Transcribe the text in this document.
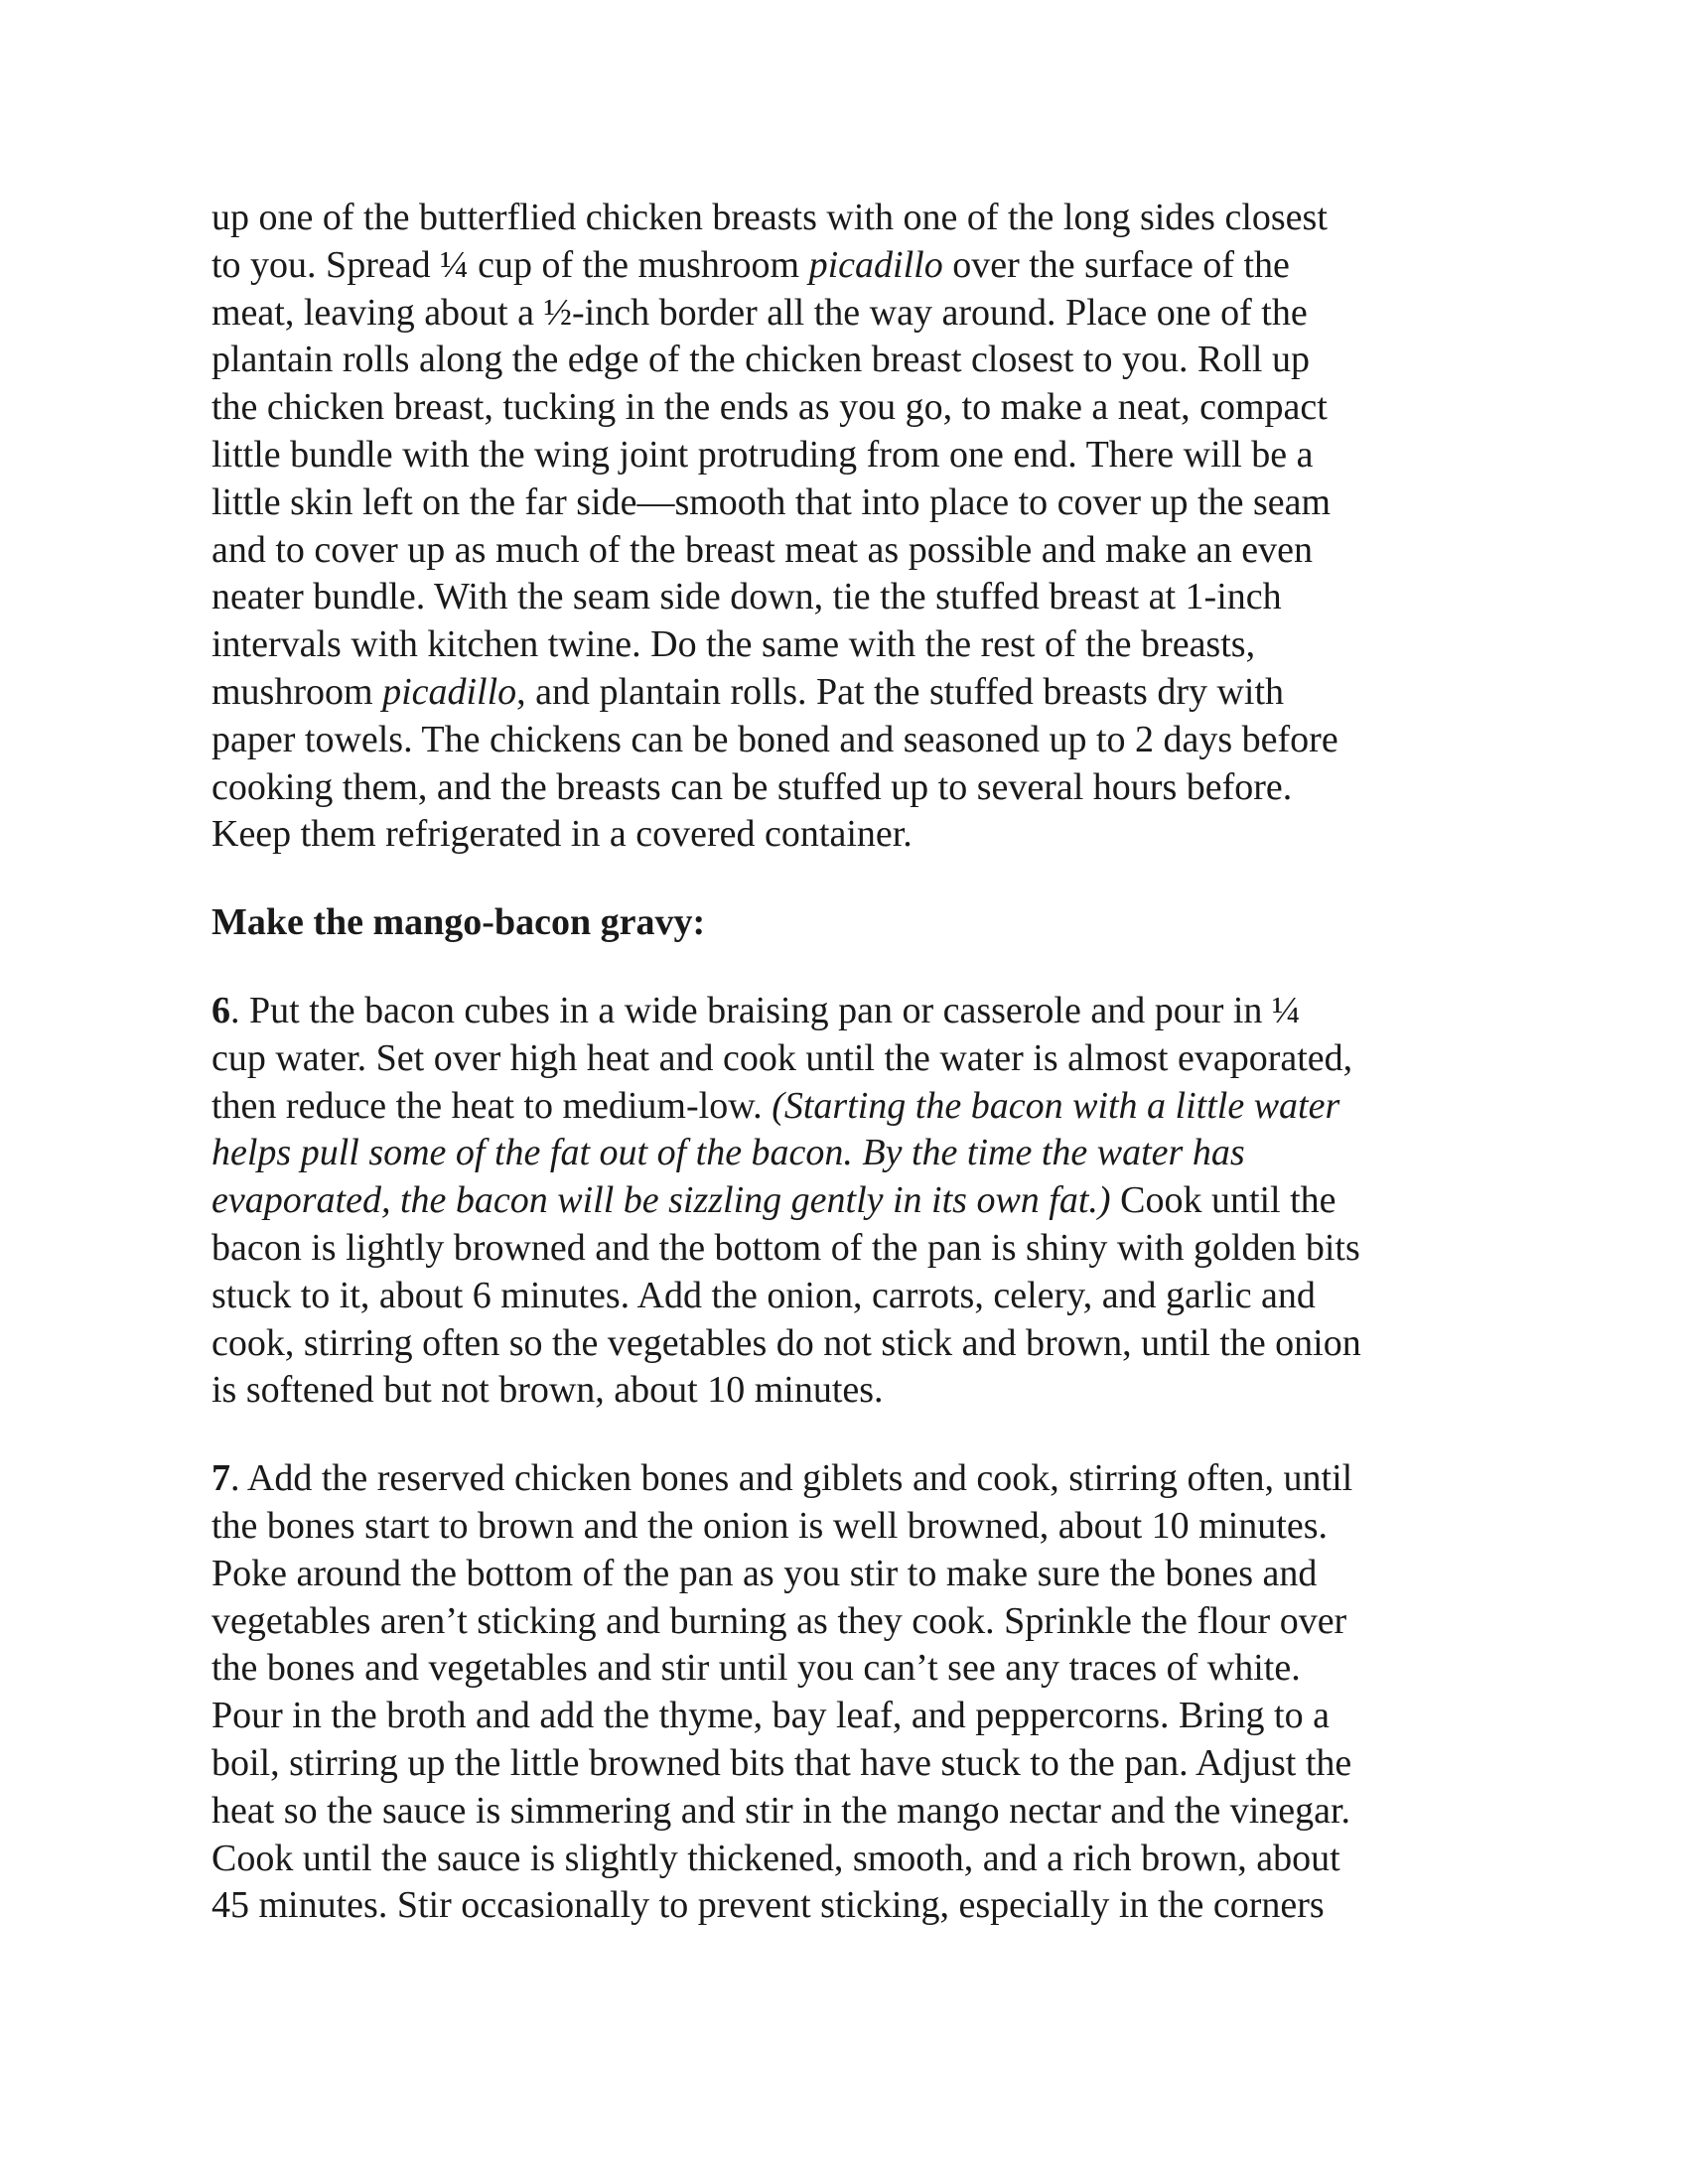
up one of the butterflied chicken breasts with one of the long sides closest
to you. Spread ¼ cup of the mushroom picadillo over the surface of the
meat, leaving about a ½-inch border all the way around. Place one of the
plantain rolls along the edge of the chicken breast closest to you. Roll up
the chicken breast, tucking in the ends as you go, to make a neat, compact
little bundle with the wing joint protruding from one end. There will be a
little skin left on the far side—smooth that into place to cover up the seam
and to cover up as much of the breast meat as possible and make an even
neater bundle. With the seam side down, tie the stuffed breast at 1-inch
intervals with kitchen twine. Do the same with the rest of the breasts,
mushroom picadillo, and plantain rolls. Pat the stuffed breasts dry with
paper towels. The chickens can be boned and seasoned up to 2 days before
cooking them, and the breasts can be stuffed up to several hours before.
Keep them refrigerated in a covered container.
Make the mango-bacon gravy:
6. Put the bacon cubes in a wide braising pan or casserole and pour in ¼
cup water. Set over high heat and cook until the water is almost evaporated,
then reduce the heat to medium-low. (Starting the bacon with a little water
helps pull some of the fat out of the bacon. By the time the water has
evaporated, the bacon will be sizzling gently in its own fat.) Cook until the
bacon is lightly browned and the bottom of the pan is shiny with golden bits
stuck to it, about 6 minutes. Add the onion, carrots, celery, and garlic and
cook, stirring often so the vegetables do not stick and brown, until the onion
is softened but not brown, about 10 minutes.
7. Add the reserved chicken bones and giblets and cook, stirring often, until
the bones start to brown and the onion is well browned, about 10 minutes.
Poke around the bottom of the pan as you stir to make sure the bones and
vegetables aren’t sticking and burning as they cook. Sprinkle the flour over
the bones and vegetables and stir until you can’t see any traces of white.
Pour in the broth and add the thyme, bay leaf, and peppercorns. Bring to a
boil, stirring up the little browned bits that have stuck to the pan. Adjust the
heat so the sauce is simmering and stir in the mango nectar and the vinegar.
Cook until the sauce is slightly thickened, smooth, and a rich brown, about
45 minutes. Stir occasionally to prevent sticking, especially in the corners
